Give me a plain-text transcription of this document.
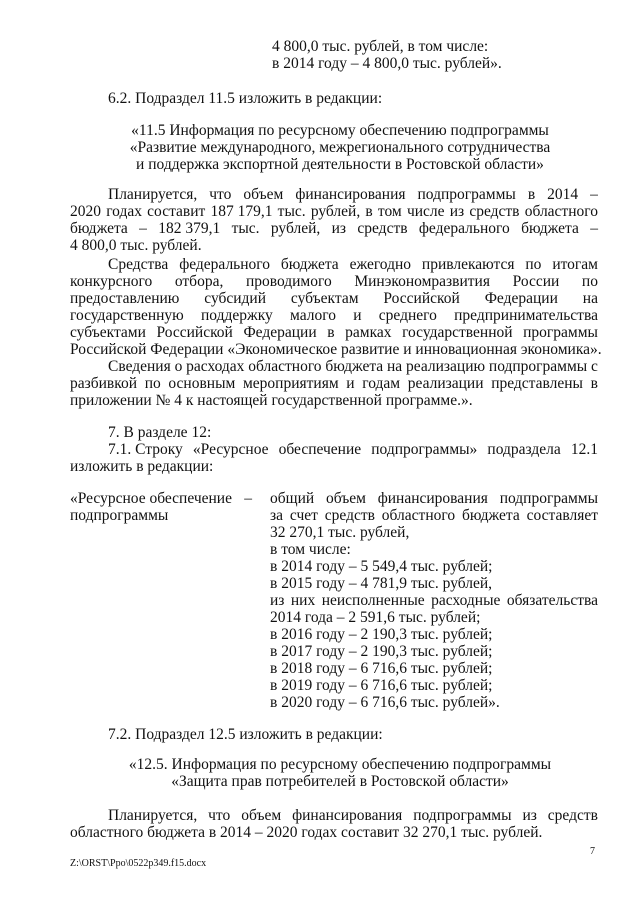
4 800,0 тыс. рублей, в том числе:
в 2014 году – 4 800,0 тыс. рублей».
6.2. Подраздел 11.5 изложить в редакции:
«11.5 Информация по ресурсному обеспечению подпрограммы
«Развитие международного, межрегионального сотрудничества
и поддержка экспортной деятельности в Ростовской области»
Планируется, что объем финансирования подпрограммы в 2014 –
2020 годах составит 187 179,1 тыс. рублей, в том числе из средств областного
бюджета – 182 379,1 тыс. рублей, из средств федерального бюджета –
4 800,0 тыс. рублей.
Средства федерального бюджета ежегодно привлекаются по итогам
конкурсного отбора, проводимого Минэкономразвития России по
предоставлению субсидий субъектам Российской Федерации на
государственную поддержку малого и среднего предпринимательства
субъектами Российской Федерации в рамках государственной программы
Российской Федерации «Экономическое развитие и инновационная экономика».
Сведения о расходах областного бюджета на реализацию подпрограммы с
разбивкой по основным мероприятиям и годам реализации представлены в
приложении № 4 к настоящей государственной программе.».
7. В разделе 12:
7.1. Строку «Ресурсное обеспечение подпрограммы» подраздела 12.1
изложить в редакции:
«Ресурсное обеспечение –
подпрограммы
общий объем финансирования подпрограммы
за счет средств областного бюджета составляет
32 270,1 тыс. рублей,
в том числе:
в 2014 году – 5 549,4 тыс. рублей;
в 2015 году – 4 781,9 тыс. рублей,
из них неисполненные расходные обязательства
2014 года – 2 591,6 тыс. рублей;
в 2016 году – 2 190,3 тыс. рублей;
в 2017 году – 2 190,3 тыс. рублей;
в 2018 году – 6 716,6 тыс. рублей;
в 2019 году – 6 716,6 тыс. рублей;
в 2020 году – 6 716,6 тыс. рублей».
7.2. Подраздел 12.5 изложить в редакции:
«12.5. Информация по ресурсному обеспечению подпрограммы
«Защита прав потребителей в Ростовской области»
Планируется, что объем финансирования подпрограммы из средств
областного бюджета в 2014 – 2020 годах составит 32 270,1 тыс. рублей.
7
Z:\ORST\Ppo\0522p349.f15.docx
